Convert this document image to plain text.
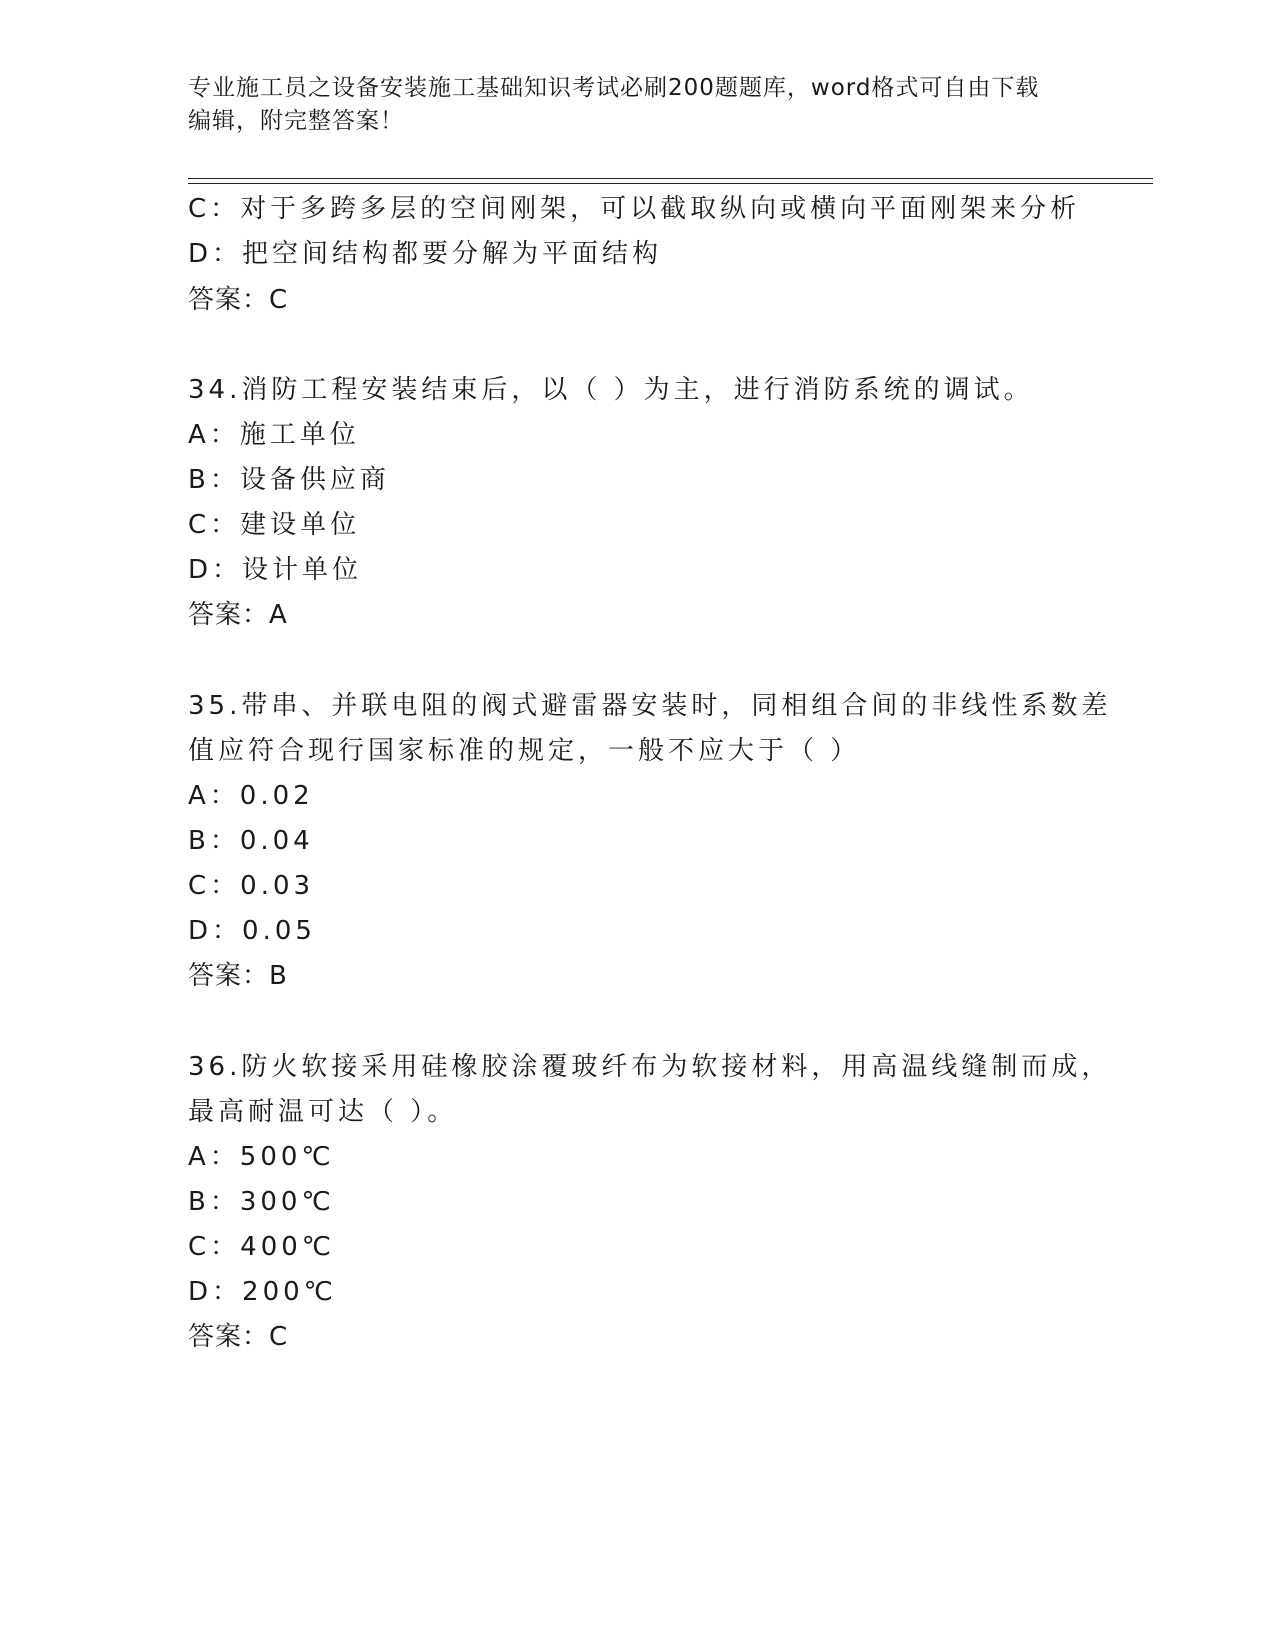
专业施工员之设备安装施工基础知识考试必刷200题题库，word格式可自由下载
编辑，附完整答案！
C：对于多跨多层的空间刚架，可以截取纵向或横向平面刚架来分析
D：把空间结构都要分解为平面结构
答案：C
34.消防工程安装结束后，以（ ）为主，进行消防系统的调试。
A：施工单位
B：设备供应商
C：建设单位
D：设计单位
答案：A
35.带串、并联电阻的阀式避雷器安装时，同相组合间的非线性系数差
值应符合现行国家标准的规定，一般不应大于（ ）
A：0.02
B：0.04
C：0.03
D：0.05
答案：B
36.防火软接采用硅橡胶涂覆玻纤布为软接材料，用高温线缝制而成，
最高耐温可达（ ）。
A：500℃
B：300℃
C：400℃
D：200℃
答案：C
